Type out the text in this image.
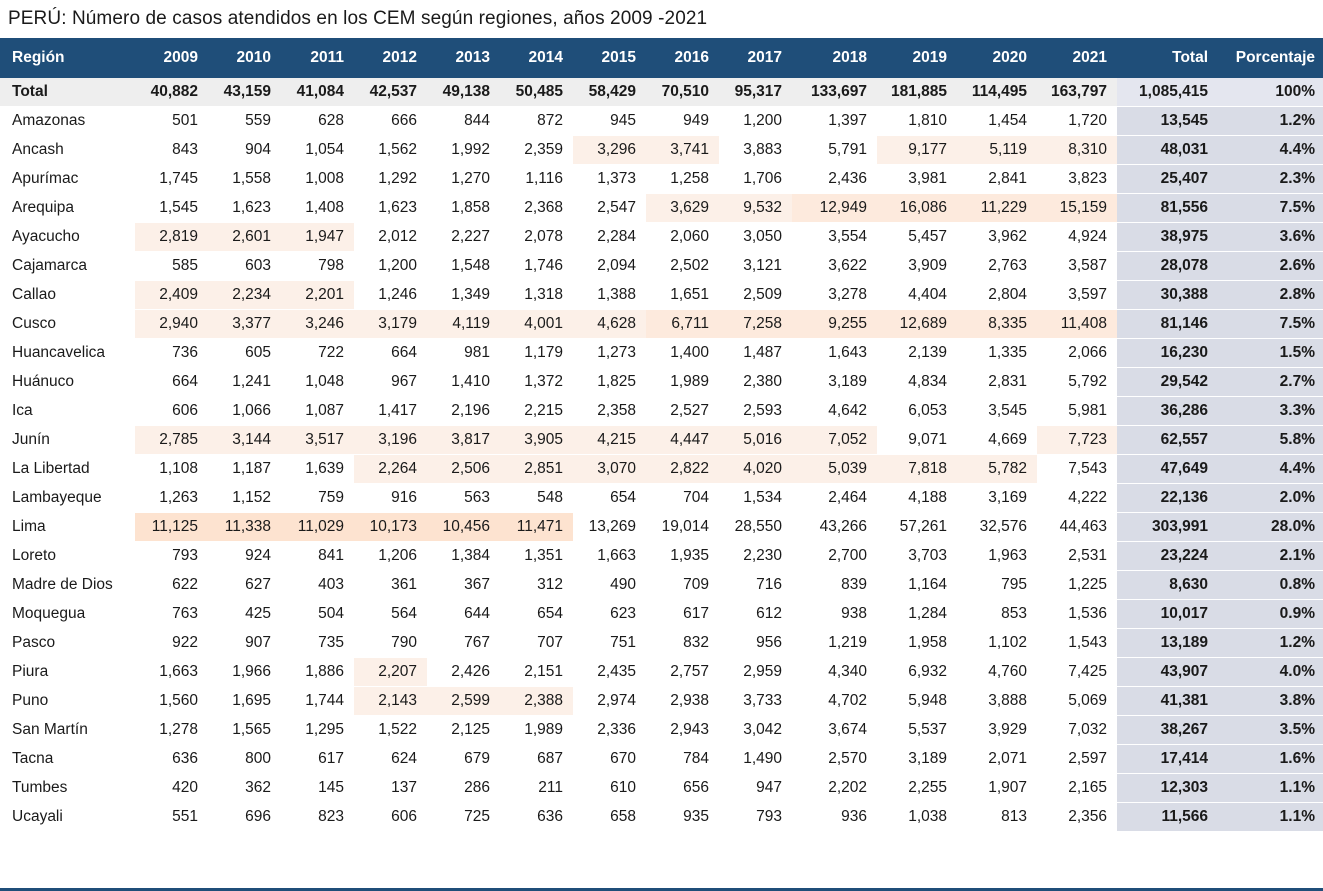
PERÚ: Número de casos atendidos en los CEM según regiones, años 2009 -2021
Región	2009	2010	2011	2012	2013	2014	2015	2016	2017	2018	2019	2020	2021	Total	Porcentaje
Total	40,882	43,159	41,084	42,537	49,138	50,485	58,429	70,510	95,317	133,697	181,885	114,495	163,797	1,085,415	100%
Amazonas	501	559	628	666	844	872	945	949	1,200	1,397	1,810	1,454	1,720	13,545	1.2%
Ancash	843	904	1,054	1,562	1,992	2,359	3,296	3,741	3,883	5,791	9,177	5,119	8,310	48,031	4.4%
Apurímac	1,745	1,558	1,008	1,292	1,270	1,116	1,373	1,258	1,706	2,436	3,981	2,841	3,823	25,407	2.3%
Arequipa	1,545	1,623	1,408	1,623	1,858	2,368	2,547	3,629	9,532	12,949	16,086	11,229	15,159	81,556	7.5%
Ayacucho	2,819	2,601	1,947	2,012	2,227	2,078	2,284	2,060	3,050	3,554	5,457	3,962	4,924	38,975	3.6%
Cajamarca	585	603	798	1,200	1,548	1,746	2,094	2,502	3,121	3,622	3,909	2,763	3,587	28,078	2.6%
Callao	2,409	2,234	2,201	1,246	1,349	1,318	1,388	1,651	2,509	3,278	4,404	2,804	3,597	30,388	2.8%
Cusco	2,940	3,377	3,246	3,179	4,119	4,001	4,628	6,711	7,258	9,255	12,689	8,335	11,408	81,146	7.5%
Huancavelica	736	605	722	664	981	1,179	1,273	1,400	1,487	1,643	2,139	1,335	2,066	16,230	1.5%
Huánuco	664	1,241	1,048	967	1,410	1,372	1,825	1,989	2,380	3,189	4,834	2,831	5,792	29,542	2.7%
Ica	606	1,066	1,087	1,417	2,196	2,215	2,358	2,527	2,593	4,642	6,053	3,545	5,981	36,286	3.3%
Junín	2,785	3,144	3,517	3,196	3,817	3,905	4,215	4,447	5,016	7,052	9,071	4,669	7,723	62,557	5.8%
La Libertad	1,108	1,187	1,639	2,264	2,506	2,851	3,070	2,822	4,020	5,039	7,818	5,782	7,543	47,649	4.4%
Lambayeque	1,263	1,152	759	916	563	548	654	704	1,534	2,464	4,188	3,169	4,222	22,136	2.0%
Lima	11,125	11,338	11,029	10,173	10,456	11,471	13,269	19,014	28,550	43,266	57,261	32,576	44,463	303,991	28.0%
Loreto	793	924	841	1,206	1,384	1,351	1,663	1,935	2,230	2,700	3,703	1,963	2,531	23,224	2.1%
Madre de Dios	622	627	403	361	367	312	490	709	716	839	1,164	795	1,225	8,630	0.8%
Moquegua	763	425	504	564	644	654	623	617	612	938	1,284	853	1,536	10,017	0.9%
Pasco	922	907	735	790	767	707	751	832	956	1,219	1,958	1,102	1,543	13,189	1.2%
Piura	1,663	1,966	1,886	2,207	2,426	2,151	2,435	2,757	2,959	4,340	6,932	4,760	7,425	43,907	4.0%
Puno	1,560	1,695	1,744	2,143	2,599	2,388	2,974	2,938	3,733	4,702	5,948	3,888	5,069	41,381	3.8%
San Martín	1,278	1,565	1,295	1,522	2,125	1,989	2,336	2,943	3,042	3,674	5,537	3,929	7,032	38,267	3.5%
Tacna	636	800	617	624	679	687	670	784	1,490	2,570	3,189	2,071	2,597	17,414	1.6%
Tumbes	420	362	145	137	286	211	610	656	947	2,202	2,255	1,907	2,165	12,303	1.1%
Ucayali	551	696	823	606	725	636	658	935	793	936	1,038	813	2,356	11,566	1.1%
